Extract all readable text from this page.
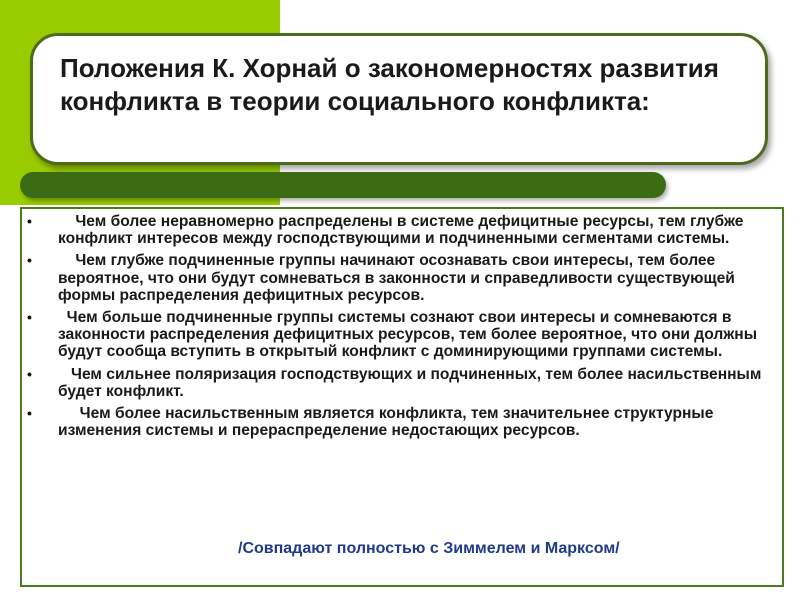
Положения К. Хорнай о закономерностях развития конфликта в теории социального конфликта:
• Чем более неравномерно распределены в системе дефицитные ресурсы, тем глубже конфликт интересов между господствующими и подчиненными сегментами системы.
• Чем глубже подчиненные группы начинают осознавать свои интересы, тем более вероятное, что они будут сомневаться в законности и справедливости существующей формы распределения дефицитных ресурсов.
• Чем больше подчиненные группы системы сознают свои интересы и сомневаются в законности распределения дефицитных ресурсов, тем более вероятное, что они должны будут сообща вступить в открытый конфликт с доминирующими группами системы.
• Чем сильнее поляризация господствующих и подчиненных, тем более насильственным будет конфликт.
• Чем более насильственным является конфликта, тем значительнее структурные изменения системы и перераспределение недостающих ресурсов.
/Совпадают полностью с Зиммелем и Марксом/
